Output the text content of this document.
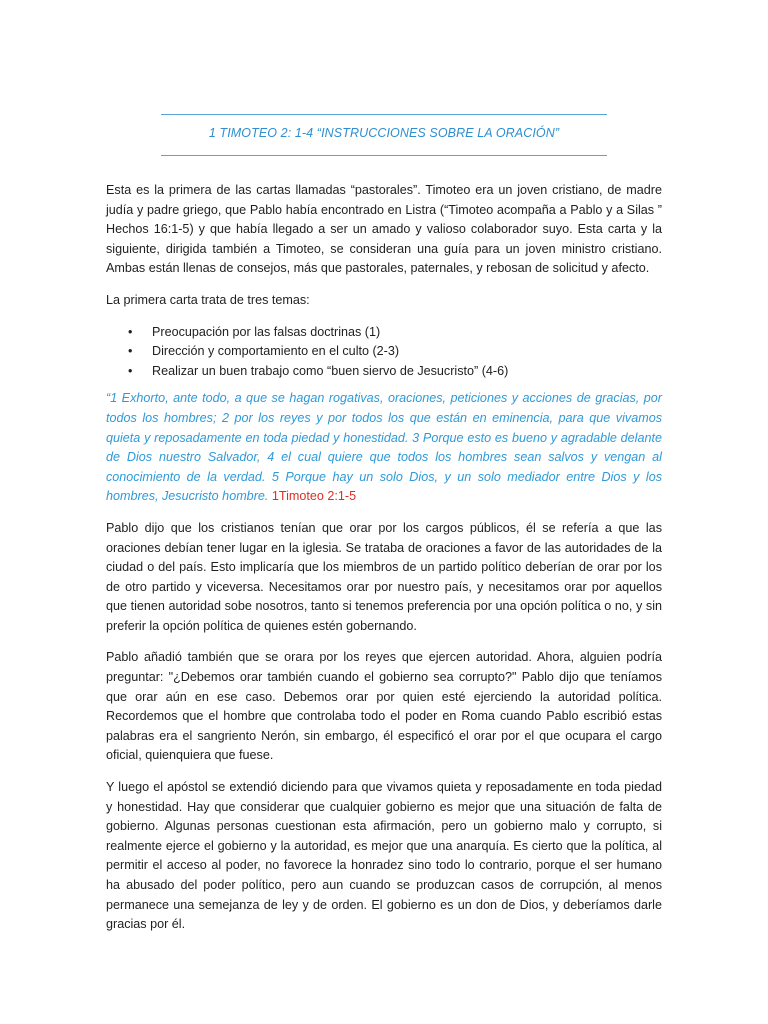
1 TIMOTEO 2: 1-4 “INSTRUCCIONES SOBRE LA ORACIÓN”

Esta es la primera de las cartas llamadas “pastorales”. Timoteo era un joven cristiano, de madre judía y padre griego, que Pablo había encontrado en Listra (“Timoteo acompaña a Pablo y a Silas ” Hechos 16:1-5) y que había llegado a ser un amado y valioso colaborador suyo. Esta carta y la siguiente, dirigida también a Timoteo, se consideran una guía para un joven ministro cristiano. Ambas están llenas de consejos, más que pastorales, paternales, y rebosan de solicitud y afecto.

La primera carta trata de tres temas:

• Preocupación por las falsas doctrinas (1)
• Dirección y comportamiento en el culto (2-3)
• Realizar un buen trabajo como “buen siervo de Jesucristo” (4-6)

“1 Exhorto, ante todo, a que se hagan rogativas, oraciones, peticiones y acciones de gracias, por todos los hombres; 2 por los reyes y por todos los que están en eminencia, para que vivamos quieta y reposadamente en toda piedad y honestidad. 3 Porque esto es bueno y agradable delante de Dios nuestro Salvador, 4 el cual quiere que todos los hombres sean salvos y vengan al conocimiento de la verdad. 5 Porque hay un solo Dios, y un solo mediador entre Dios y los hombres, Jesucristo hombre. 1Timoteo 2:1-5

Pablo dijo que los cristianos tenían que orar por los cargos públicos, él se refería a que las oraciones debían tener lugar en la iglesia. Se trataba de oraciones a favor de las autoridades de la ciudad o del país. Esto implicaría que los miembros de un partido político deberían de orar por los de otro partido y viceversa. Necesitamos orar por nuestro país, y necesitamos orar por aquellos que tienen autoridad sobe nosotros, tanto si tenemos preferencia por una opción política o no, y sin preferir la opción política de quienes estén gobernando.

Pablo añadió también que se orara por los reyes que ejercen autoridad. Ahora, alguien podría preguntar: "¿Debemos orar también cuando el gobierno sea corrupto?" Pablo dijo que teníamos que orar aún en ese caso. Debemos orar por quien esté ejerciendo la autoridad política. Recordemos que el hombre que controlaba todo el poder en Roma cuando Pablo escribió estas palabras era el sangriento Nerón, sin embargo, él especificó el orar por el que ocupara el cargo oficial, quienquiera que fuese.

Y luego el apóstol se extendió diciendo para que vivamos quieta y reposadamente en toda piedad y honestidad. Hay que considerar que cualquier gobierno es mejor que una situación de falta de gobierno. Algunas personas cuestionan esta afirmación, pero un gobierno malo y corrupto, si realmente ejerce el gobierno y la autoridad, es mejor que una anarquía. Es cierto que la política, al permitir el acceso al poder, no favorece la honradez sino todo lo contrario, porque el ser humano ha abusado del poder político, pero aun cuando se produzcan casos de corrupción, al menos permanece una semejanza de ley y de orden. El gobierno es un don de Dios, y deberíamos darle gracias por él.
